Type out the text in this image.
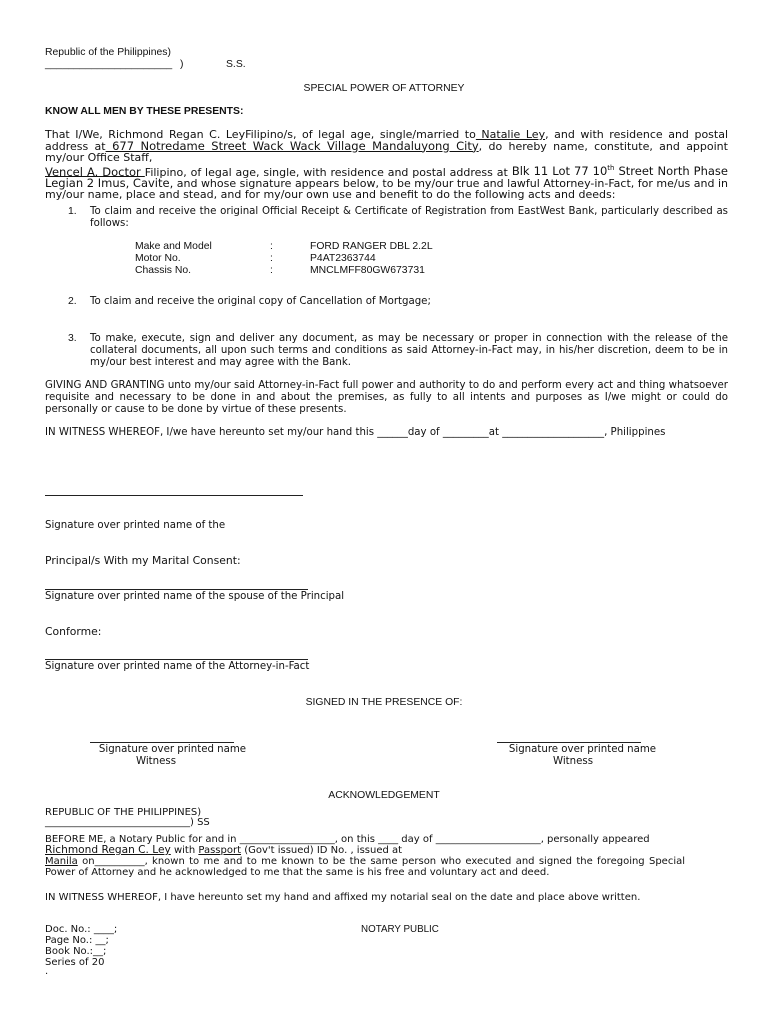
Republic of the Philippines)
______________________ )	S.S.
SPECIAL POWER OF ATTORNEY
KNOW ALL MEN BY THESE PRESENTS:
That I/We, Richmond Regan C. LeyFilipino/s, of legal age, single/married to Natalie Ley, and with residence and postal address at 677 Notredame Street Wack Wack Village Mandaluyong City, do hereby name, constitute, and appoint my/our Office Staff,
Vencel A. Doctor Filipino, of legal age, single, with residence and postal address at Blk 11 Lot 77 10th Street North Phase Legian 2 Imus, Cavite, and whose signature appears below, to be my/our true and lawful Attorney-in-Fact, for me/us and in my/our name, place and stead, and for my/our own use and benefit to do the following acts and deeds:
1. To claim and receive the original Official Receipt & Certificate of Registration from EastWest Bank, particularly described as follows:
Make and Model	:	FORD RANGER DBL 2.2L
Motor No.	:	P4AT2363744
Chassis No.	:	MNCLMFF80GW673731
2. To claim and receive the original copy of Cancellation of Mortgage;
3. To make, execute, sign and deliver any document, as may be necessary or proper in connection with the release of the collateral documents, all upon such terms and conditions as said Attorney-in-Fact may, in his/her discretion, deem to be in my/our best interest and may agree with the Bank.
GIVING AND GRANTING unto my/our said Attorney-in-Fact full power and authority to do and perform every act and thing whatsoever requisite and necessary to be done in and about the premises, as fully to all intents and purposes as I/we might or could do personally or cause to be done by virtue of these presents.
IN WITNESS WHEREOF, I/we have hereunto set my/our hand this ______day of _________at ____________________, Philippines
Signature over printed name of the
Principal/s With my Marital Consent:
Signature over printed name of the spouse of the Principal
Conforme:
Signature over printed name of the Attorney-in-Fact
SIGNED IN THE PRESENCE OF:
Signature over printed name
Witness
Signature over printed name
Witness
ACKNOWLEDGEMENT
REPUBLIC OF THE PHILIPPINES)
_____________________________) SS
BEFORE ME, a Notary Public for and in ___________________, on this ____ day of _____________________, personally appeared
Richmond Regan C. Ley with Passport (Gov't issued) ID No. , issued at
Manila on__________, known to me and to me known to be the same person who executed and signed the foregoing Special Power of Attorney and he acknowledged to me that the same is his free and voluntary act and deed.
IN WITNESS WHEREOF, I have hereunto set my hand and affixed my notarial seal on the date and place above written.
NOTARY PUBLIC
Doc. No.: ____;
Page No.: __;
Book No.:__;
Series of 20
.
